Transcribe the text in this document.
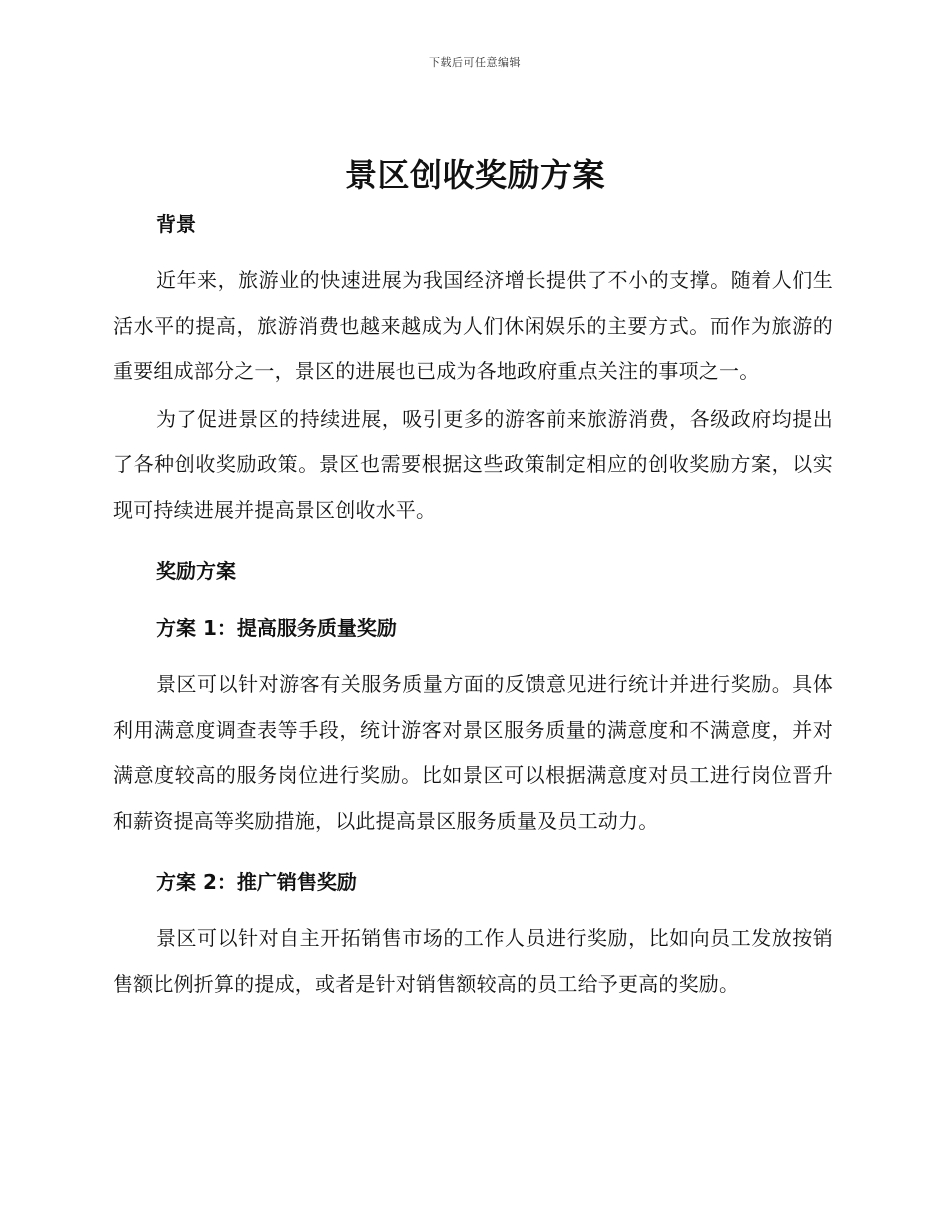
下载后可任意编辑
景区创收奖励方案

背景

近年来，旅游业的快速进展为我国经济增长提供了不小的支撑。随着人们生活水平的提高，旅游消费也越来越成为人们休闲娱乐的主要方式。而作为旅游的重要组成部分之一，景区的进展也已成为各地政府重点关注的事项之一。

为了促进景区的持续进展，吸引更多的游客前来旅游消费，各级政府均提出了各种创收奖励政策。景区也需要根据这些政策制定相应的创收奖励方案，以实现可持续进展并提高景区创收水平。

奖励方案

方案 1：提高服务质量奖励

景区可以针对游客有关服务质量方面的反馈意见进行统计并进行奖励。具体利用满意度调查表等手段，统计游客对景区服务质量的满意度和不满意度，并对满意度较高的服务岗位进行奖励。比如景区可以根据满意度对员工进行岗位晋升和薪资提高等奖励措施，以此提高景区服务质量及员工动力。

方案 2：推广销售奖励

景区可以针对自主开拓销售市场的工作人员进行奖励，比如向员工发放按销售额比例折算的提成，或者是针对销售额较高的员工给予更高的奖励。
